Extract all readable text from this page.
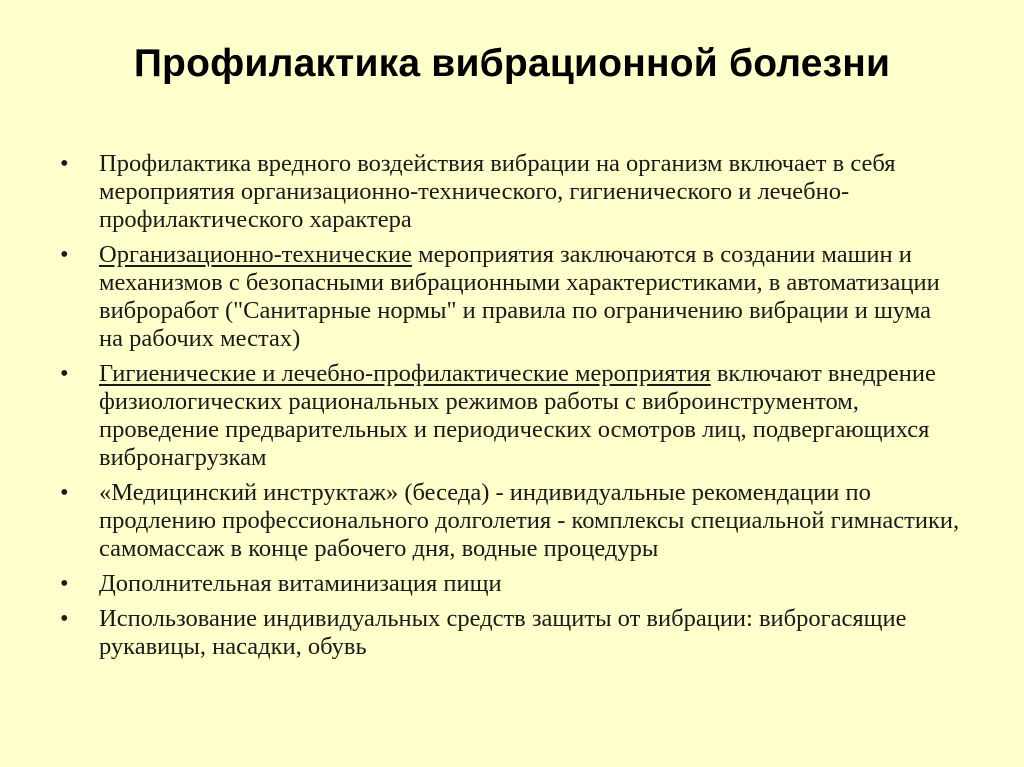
Профилактика вибрационной болезни
•	Профилактика вредного воздействия вибрации на организм включает в себя мероприятия организационно-технического, гигиенического и лечебно-профилактического характера
•	Организационно-технические мероприятия заключаются в создании машин и механизмов с безопасными вибрационными характеристиками, в автоматизации виброработ ("Санитарные нормы" и правила по ограничению вибрации и шума на рабочих местах)
•	Гигиенические и лечебно-профилактические мероприятия включают внедрение физиологических рациональных режимов работы с виброинструментом, проведение предварительных и периодических осмотров лиц, подвергающихся вибронагрузкам
•	«Медицинский инструктаж» (беседа) - индивидуальные рекомендации по продлению профессионального долголетия - комплексы специальной гимнастики, самомассаж в конце рабочего дня, водные процедуры
•	Дополнительная витаминизация пищи
•	Использование индивидуальных средств защиты от вибрации: виброгасящие рукавицы, насадки, обувь
